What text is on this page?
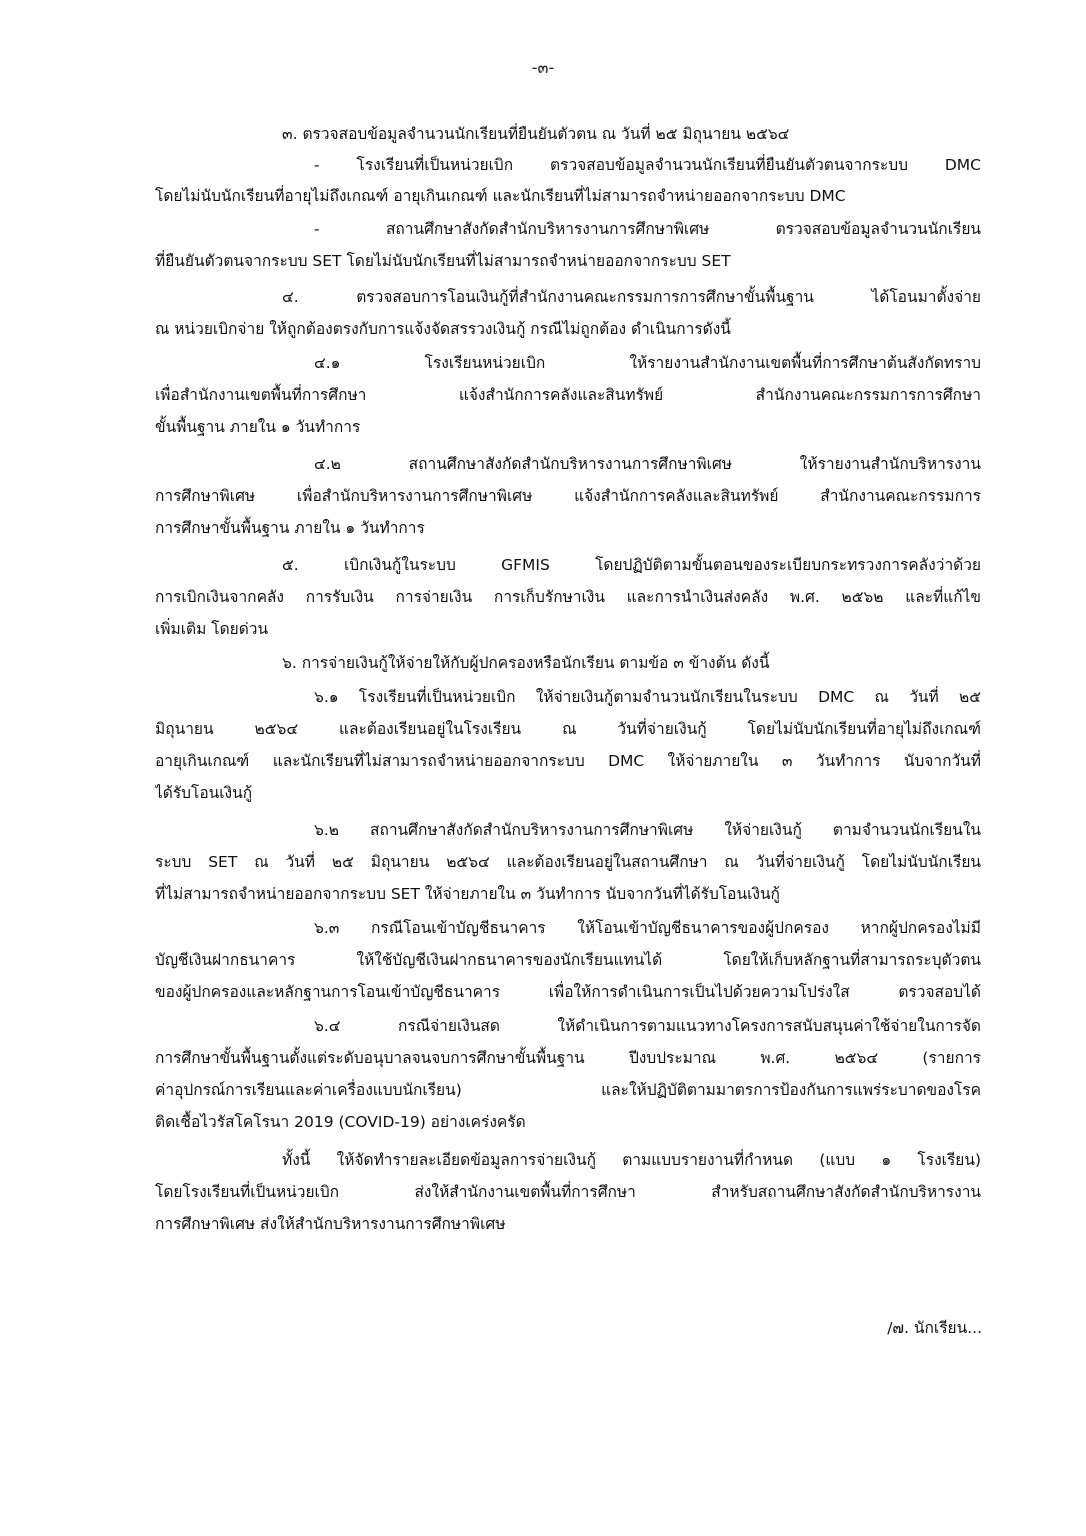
-๓-
๓. ตรวจสอบข้อมูลจำนวนนักเรียนที่ยืนยันตัวตน ณ วันที่ ๒๕ มิถุนายน ๒๕๖๔
- โรงเรียนที่เป็นหน่วยเบิก ตรวจสอบข้อมูลจำนวนนักเรียนที่ยืนยันตัวตนจากระบบ DMC
โดยไม่นับนักเรียนที่อายุไม่ถึงเกณฑ์ อายุเกินเกณฑ์ และนักเรียนที่ไม่สามารถจำหน่ายออกจากระบบ DMC
- สถานศึกษาสังกัดสำนักบริหารงานการศึกษาพิเศษ ตรวจสอบข้อมูลจำนวนนักเรียน
ที่ยืนยันตัวตนจากระบบ SET โดยไม่นับนักเรียนที่ไม่สามารถจำหน่ายออกจากระบบ SET
๔. ตรวจสอบการโอนเงินกู้ที่สำนักงานคณะกรรมการการศึกษาขั้นพื้นฐาน ได้โอนมาตั้งจ่าย
ณ หน่วยเบิกจ่าย ให้ถูกต้องตรงกับการแจ้งจัดสรรวงเงินกู้ กรณีไม่ถูกต้อง ดำเนินการดังนี้
๔.๑ โรงเรียนหน่วยเบิก ให้รายงานสำนักงานเขตพื้นที่การศึกษาต้นสังกัดทราบ
เพื่อสำนักงานเขตพื้นที่การศึกษา แจ้งสำนักการคลังและสินทรัพย์ สำนักงานคณะกรรมการการศึกษา
ขั้นพื้นฐาน ภายใน ๑ วันทำการ
๔.๒ สถานศึกษาสังกัดสำนักบริหารงานการศึกษาพิเศษ ให้รายงานสำนักบริหารงาน
การศึกษาพิเศษ เพื่อสำนักบริหารงานการศึกษาพิเศษ แจ้งสำนักการคลังและสินทรัพย์ สำนักงานคณะกรรมการ
การศึกษาขั้นพื้นฐาน ภายใน ๑ วันทำการ
๕. เบิกเงินกู้ในระบบ GFMIS โดยปฏิบัติตามขั้นตอนของระเบียบกระทรวงการคลังว่าด้วย
การเบิกเงินจากคลัง การรับเงิน การจ่ายเงิน การเก็บรักษาเงิน และการนำเงินส่งคลัง พ.ศ. ๒๕๖๒ และที่แก้ไข
เพิ่มเติม โดยด่วน
๖. การจ่ายเงินกู้ให้จ่ายให้กับผู้ปกครองหรือนักเรียน ตามข้อ ๓ ข้างต้น ดังนี้
๖.๑ โรงเรียนที่เป็นหน่วยเบิก ให้จ่ายเงินกู้ตามจำนวนนักเรียนในระบบ DMC ณ วันที่ ๒๕
มิถุนายน ๒๕๖๔ และต้องเรียนอยู่ในโรงเรียน ณ วันที่จ่ายเงินกู้ โดยไม่นับนักเรียนที่อายุไม่ถึงเกณฑ์
อายุเกินเกณฑ์ และนักเรียนที่ไม่สามารถจำหน่ายออกจากระบบ DMC ให้จ่ายภายใน ๓ วันทำการ นับจากวันที่
ได้รับโอนเงินกู้
๖.๒ สถานศึกษาสังกัดสำนักบริหารงานการศึกษาพิเศษ ให้จ่ายเงินกู้ ตามจำนวนนักเรียนใน
ระบบ SET ณ วันที่ ๒๕ มิถุนายน ๒๕๖๔ และต้องเรียนอยู่ในสถานศึกษา ณ วันที่จ่ายเงินกู้ โดยไม่นับนักเรียน
ที่ไม่สามารถจำหน่ายออกจากระบบ SET ให้จ่ายภายใน ๓ วันทำการ นับจากวันที่ได้รับโอนเงินกู้
๖.๓ กรณีโอนเข้าบัญชีธนาคาร ให้โอนเข้าบัญชีธนาคารของผู้ปกครอง หากผู้ปกครองไม่มี
บัญชีเงินฝากธนาคาร ให้ใช้บัญชีเงินฝากธนาคารของนักเรียนแทนได้ โดยให้เก็บหลักฐานที่สามารถระบุตัวตน
ของผู้ปกครองและหลักฐานการโอนเข้าบัญชีธนาคาร เพื่อให้การดำเนินการเป็นไปด้วยความโปร่งใส ตรวจสอบได้
๖.๔ กรณีจ่ายเงินสด ให้ดำเนินการตามแนวทางโครงการสนับสนุนค่าใช้จ่ายในการจัด
การศึกษาขั้นพื้นฐานตั้งแต่ระดับอนุบาลจนจบการศึกษาขั้นพื้นฐาน ปีงบประมาณ พ.ศ. ๒๕๖๔ (รายการ
ค่าอุปกรณ์การเรียนและค่าเครื่องแบบนักเรียน) และให้ปฏิบัติตามมาตรการป้องกันการแพร่ระบาดของโรค
ติดเชื้อไวรัสโคโรนา 2019 (COVID-19) อย่างเคร่งครัด
ทั้งนี้ ให้จัดทำรายละเอียดข้อมูลการจ่ายเงินกู้ ตามแบบรายงานที่กำหนด (แบบ ๑ โรงเรียน)
โดยโรงเรียนที่เป็นหน่วยเบิก ส่งให้สำนักงานเขตพื้นที่การศึกษา สำหรับสถานศึกษาสังกัดสำนักบริหารงาน
การศึกษาพิเศษ ส่งให้สำนักบริหารงานการศึกษาพิเศษ
/๗. นักเรียน...
